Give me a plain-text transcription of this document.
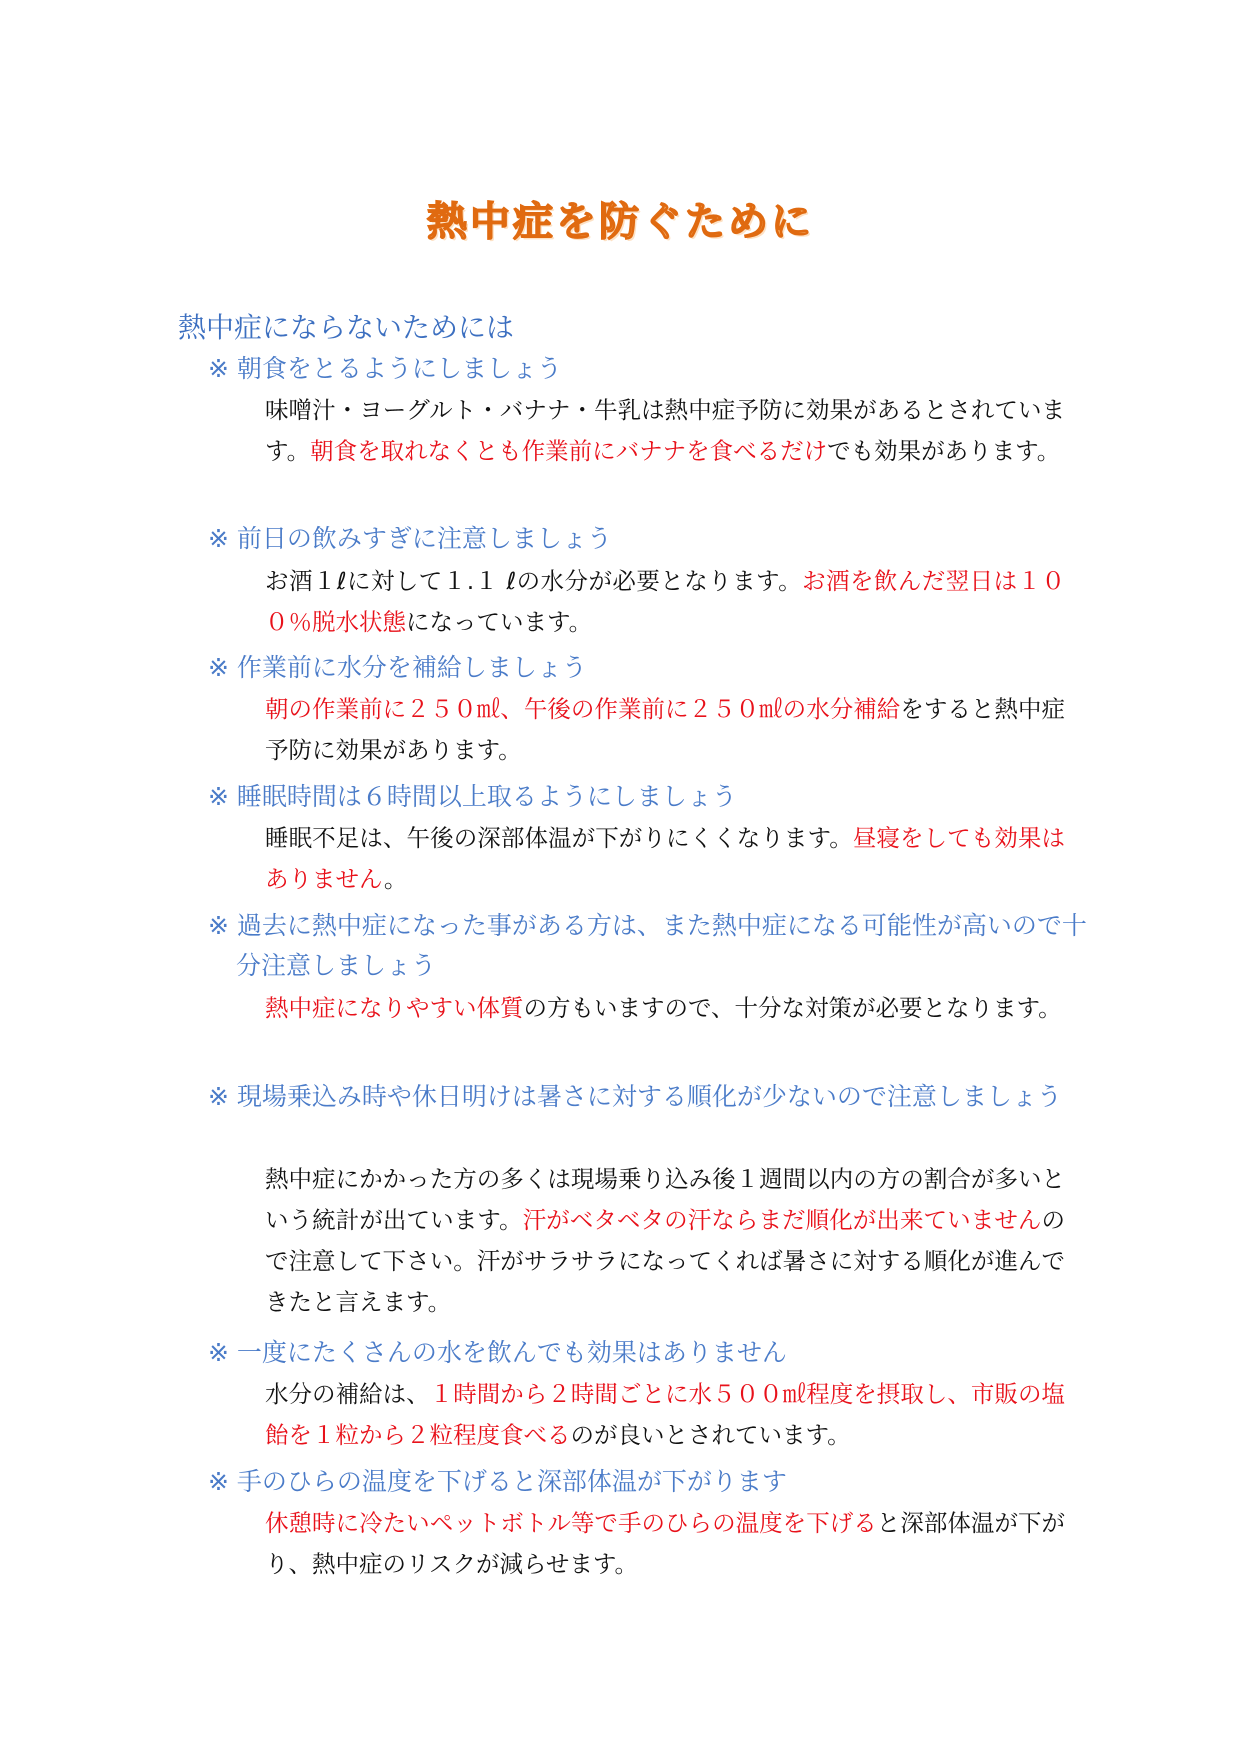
熱中症を防ぐために
熱中症にならないためには
※ 朝食をとるようにしましょう

味噌汁・ヨーグルト・バナナ・牛乳は熱中症予防に効果があるとされています。朝食を取れなくとも作業前にバナナを食べるだけでも効果があります。

※ 前日の飲みすぎに注意しましょう

お酒１ℓに対して１.１ ℓの水分が必要となります。お酒を飲んだ翌日は１００％脱水状態になっています。

※ 作業前に水分を補給しましょう

朝の作業前に２５０㎖、午後の作業前に２５０㎖の水分補給をすると熱中症予防に効果があります。

※ 睡眠時間は６時間以上取るようにしましょう

睡眠不足は、午後の深部体温が下がりにくくなります。昼寝をしても効果はありません。

※ 過去に熱中症になった事がある方は、また熱中症になる可能性が高いので十分注意しましょう

熱中症になりやすい体質の方もいますので、十分な対策が必要となります。

※ 現場乗込み時や休日明けは暑さに対する順化が少ないので注意しましょう

熱中症にかかった方の多くは現場乗り込み後１週間以内の方の割合が多いという統計が出ています。汗がベタベタの汗ならまだ順化が出来ていませんので注意して下さい。汗がサラサラになってくれば暑さに対する順化が進んできたと言えます。

※ 一度にたくさんの水を飲んでも効果はありません

水分の補給は、１時間から２時間ごとに水５００㎖程度を摂取し、市販の塩飴を１粒から２粒程度食べるのが良いとされています。

※ 手のひらの温度を下げると深部体温が下がります

休憩時に冷たいペットボトル等で手のひらの温度を下げると深部体温が下がり、熱中症のリスクが減らせます。
